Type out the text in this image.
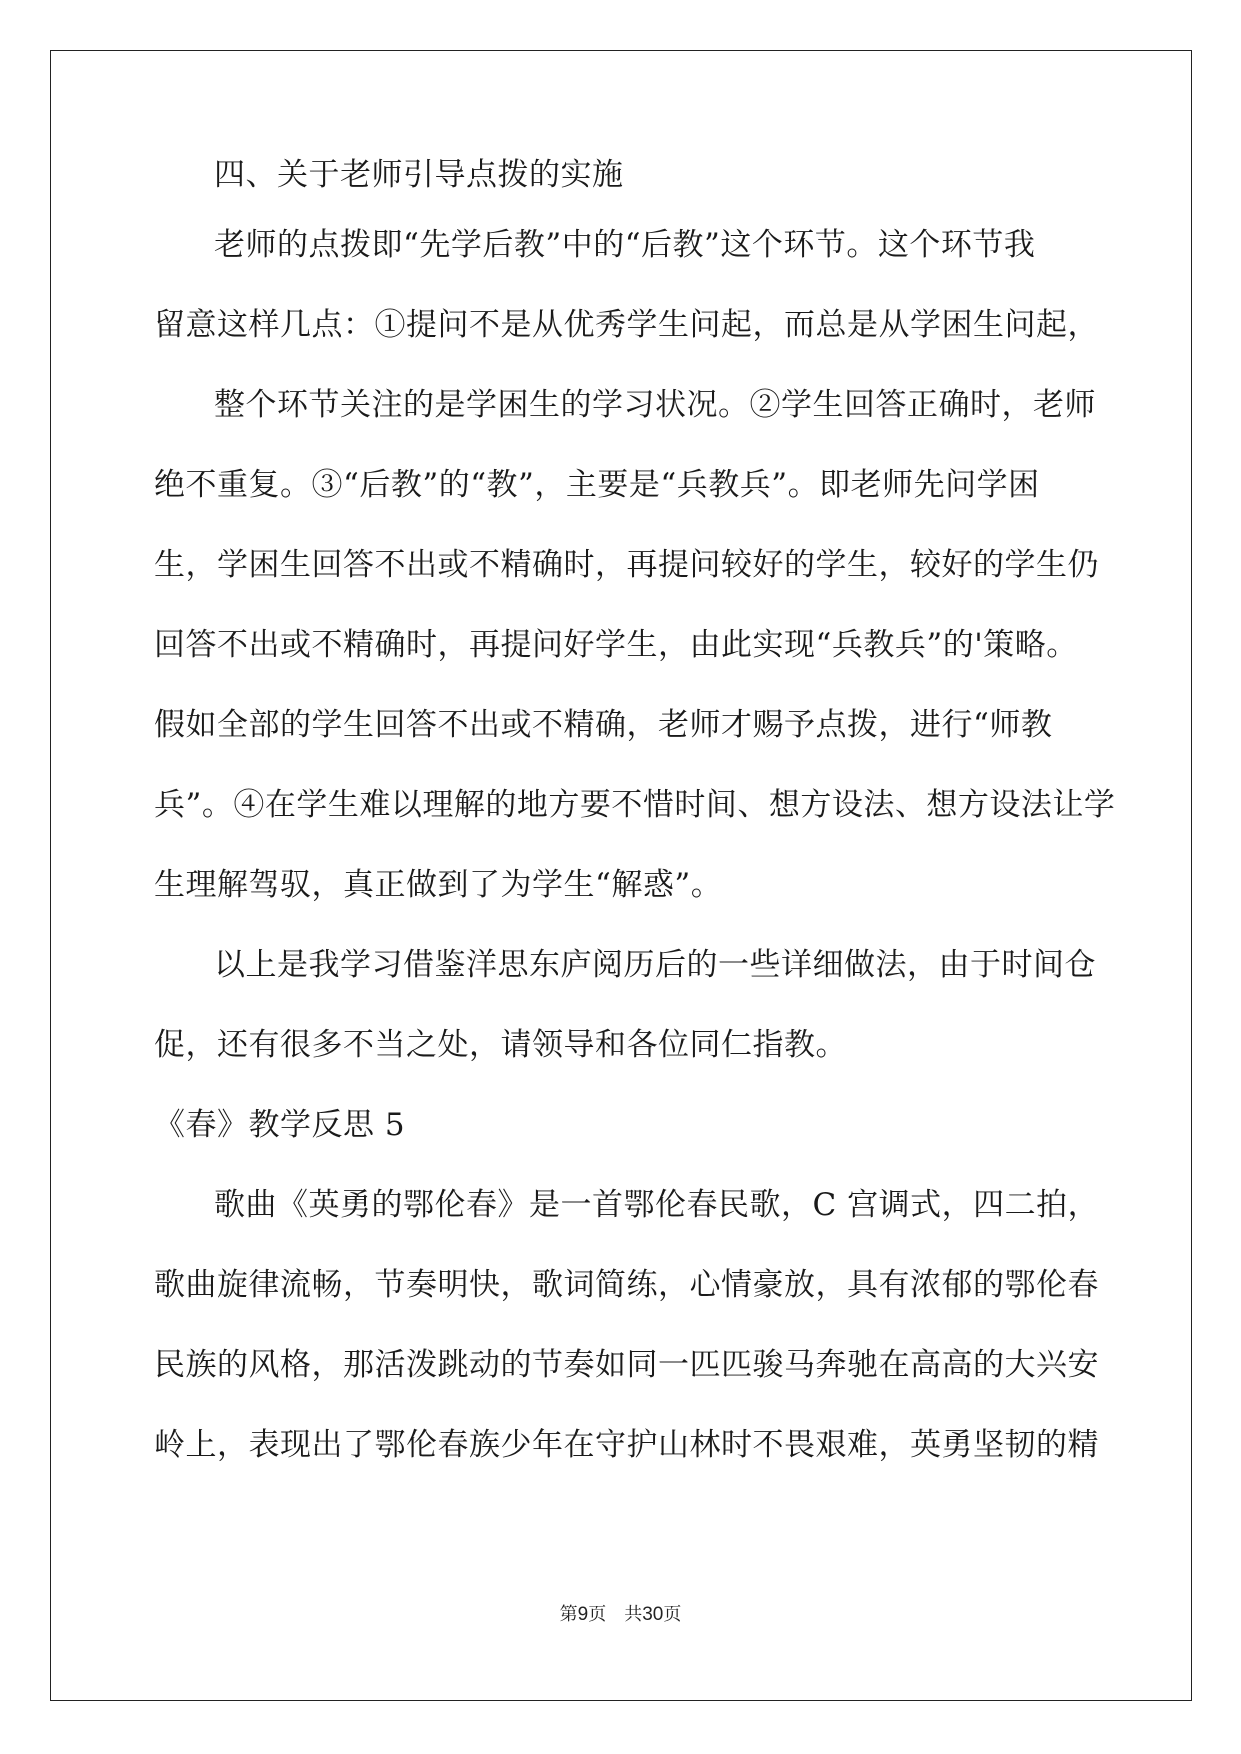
四、关于老师引导点拨的实施
老师的点拨即“先学后教”中的“后教”这个环节。这个环节我
留意这样几点：①提问不是从优秀学生问起，而总是从学困生问起，
整个环节关注的是学困生的学习状况。②学生回答正确时，老师
绝不重复。③“后教”的“教”，主要是“兵教兵”。即老师先问学困
生，学困生回答不出或不精确时，再提问较好的学生，较好的学生仍
回答不出或不精确时，再提问好学生，由此实现“兵教兵”的'策略。
假如全部的学生回答不出或不精确，老师才赐予点拨，进行“师教
兵”。④在学生难以理解的地方要不惜时间、想方设法、想方设法让学
生理解驾驭，真正做到了为学生“解惑”。
以上是我学习借鉴洋思东庐阅历后的一些详细做法，由于时间仓
促，还有很多不当之处，请领导和各位同仁指教。
《春》教学反思 5
歌曲《英勇的鄂伦春》是一首鄂伦春民歌，C 宫调式，四二拍，
歌曲旋律流畅，节奏明快，歌词简练，心情豪放，具有浓郁的鄂伦春
民族的风格，那活泼跳动的节奏如同一匹匹骏马奔驰在高高的大兴安
岭上，表现出了鄂伦春族少年在守护山林时不畏艰难，英勇坚韧的精
第9页  共30页
